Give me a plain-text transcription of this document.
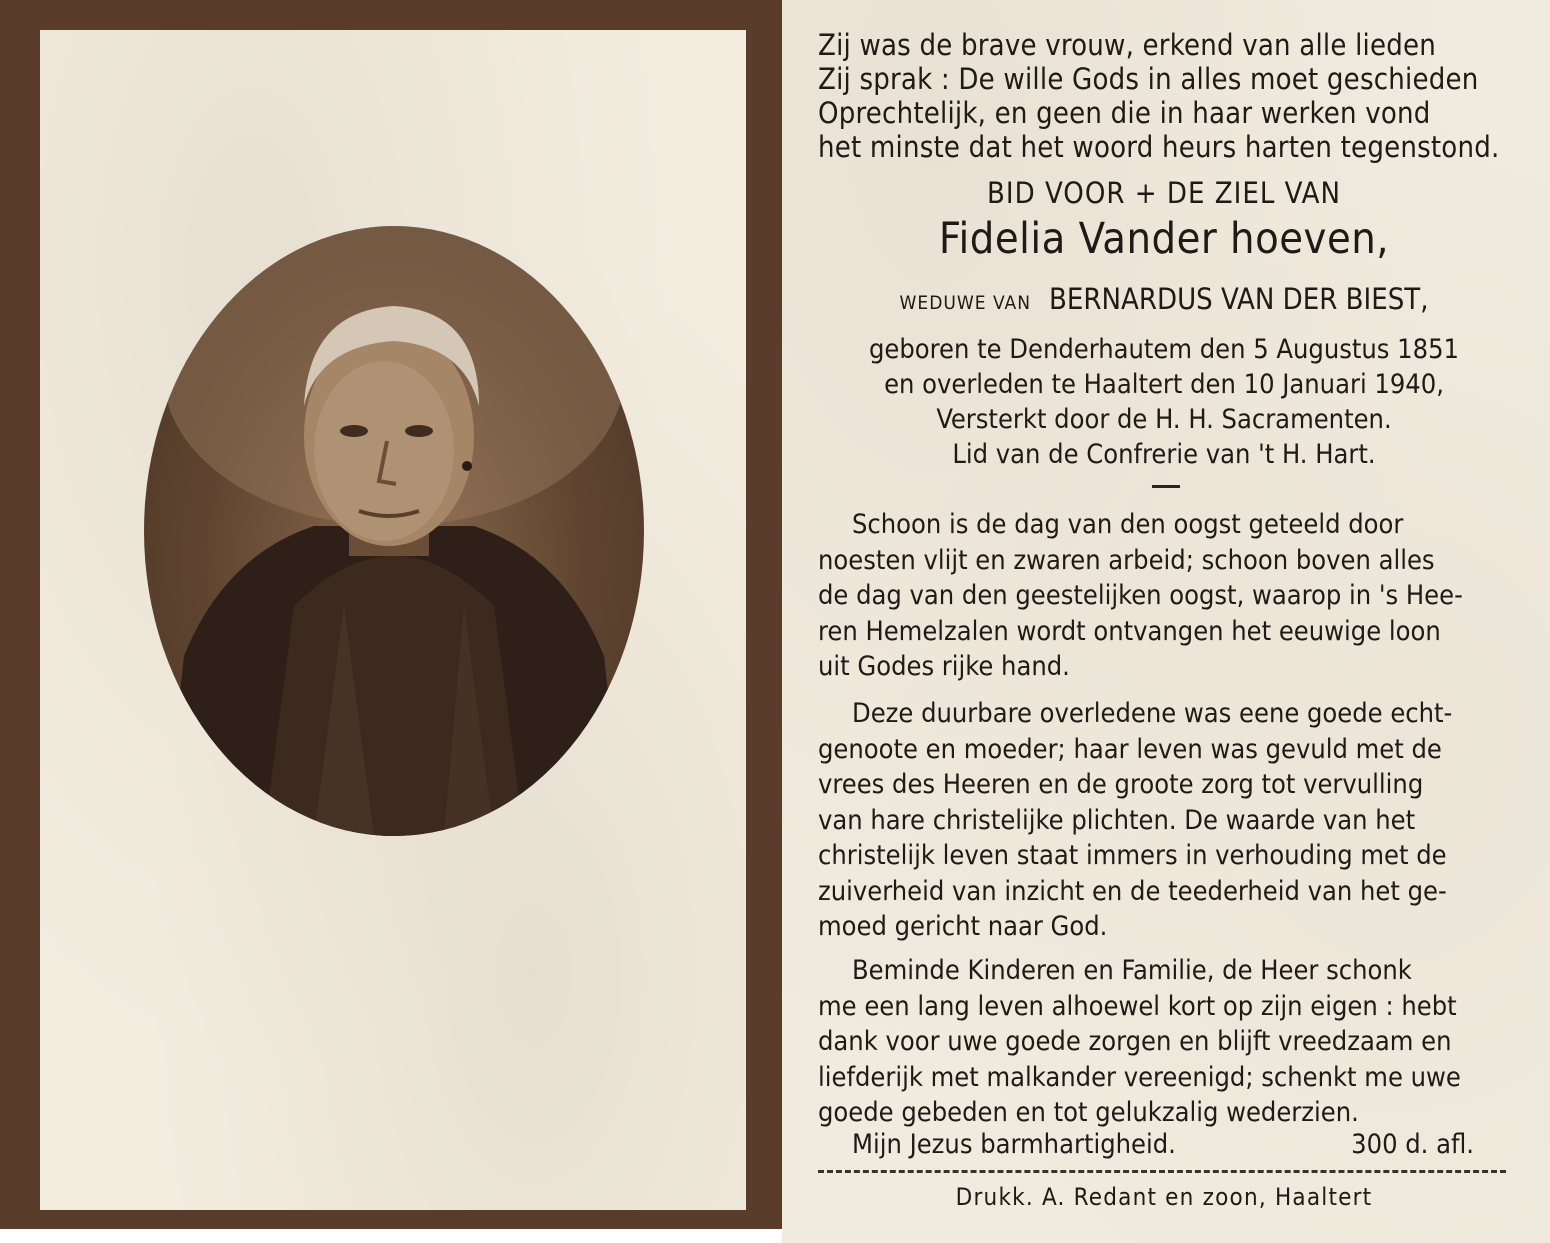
Zij was de brave vrouw, erkend van alle lieden
Zij sprak : De wille Gods in alles moet geschieden
Oprechtelijk, en geen die in haar werken vond
het minste dat het woord heurs harten tegenstond.
BID VOOR + DE ZIEL VAN
Fidelia Vander hoeven,
WEDUWE VAN BERNARDUS VAN DER BIEST,
geboren te Denderhautem den 5 Augustus 1851
en overleden te Haaltert den 10 Januari 1940,
Versterkt door de H. H. Sacramenten.
Lid van de Confrerie van 't H. Hart.
Schoon is de dag van den oogst geteeld door
noesten vlijt en zwaren arbeid; schoon boven alles
de dag van den geestelijken oogst, waarop in 's Hee-
ren Hemelzalen wordt ontvangen het eeuwige loon
uit Godes rijke hand.
Deze duurbare overledene was eene goede echt-
genoote en moeder; haar leven was gevuld met de
vrees des Heeren en de groote zorg tot vervulling
van hare christelijke plichten. De waarde van het
christelijk leven staat immers in verhouding met de
zuiverheid van inzicht en de teederheid van het ge-
moed gericht naar God.
Beminde Kinderen en Familie, de Heer schonk
me een lang leven alhoewel kort op zijn eigen : hebt
dank voor uwe goede zorgen en blijft vreedzaam en
liefderijk met malkander vereenigd; schenkt me uwe
goede gebeden en tot gelukzalig wederzien.
Mijn Jezus barmhartigheid.	300 d. afl.
Drukk. A. Redant en zoon, Haaltert
